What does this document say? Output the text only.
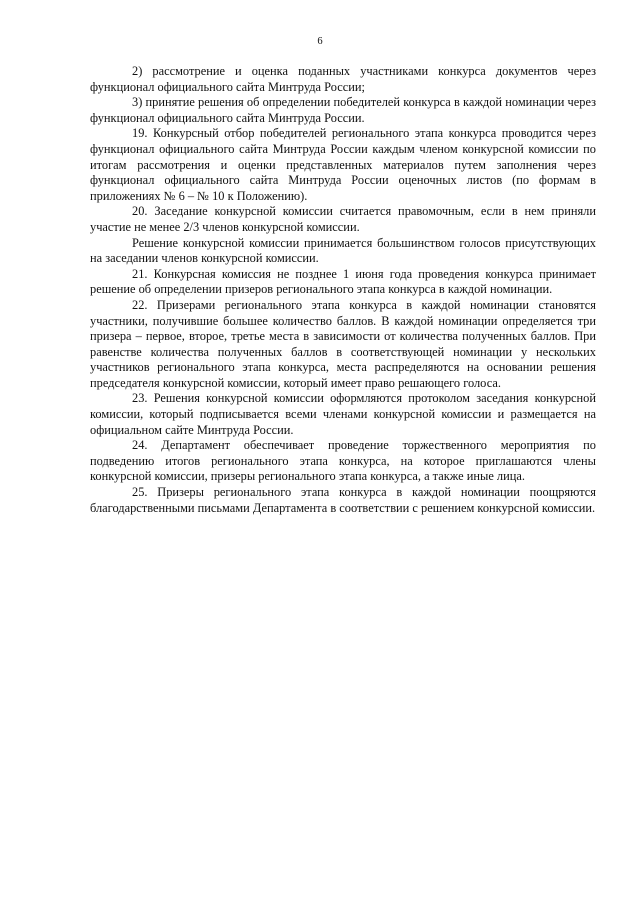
6

2) рассмотрение и оценка поданных участниками конкурса документов через функционал официального сайта Минтруда России;

3) принятие решения об определении победителей конкурса в каждой номинации через функционал официального сайта Минтруда России.

19. Конкурсный отбор победителей регионального этапа конкурса проводится через функционал официального сайта Минтруда России каждым членом конкурсной комиссии по итогам рассмотрения и оценки представленных материалов путем заполнения через функционал официального сайта Минтруда России оценочных листов (по формам в приложениях № 6 – № 10 к Положению).

20. Заседание конкурсной комиссии считается правомочным, если в нем приняли участие не менее 2/3 членов конкурсной комиссии.

Решение конкурсной комиссии принимается большинством голосов присутствующих на заседании членов конкурсной комиссии.

21. Конкурсная комиссия не позднее 1 июня года проведения конкурса принимает решение об определении призеров регионального этапа конкурса в каждой номинации.

22. Призерами регионального этапа конкурса в каждой номинации становятся участники, получившие большее количество баллов. В каждой номинации определяется три призера – первое, второе, третье места в зависимости от количества полученных баллов. При равенстве количества полученных баллов в соответствующей номинации у нескольких участников регионального этапа конкурса, места распределяются на основании решения председателя конкурсной комиссии, который имеет право решающего голоса.

23. Решения конкурсной комиссии оформляются протоколом заседания конкурсной комиссии, который подписывается всеми членами конкурсной комиссии и размещается на официальном сайте Минтруда России.

24. Департамент обеспечивает проведение торжественного мероприятия по подведению итогов регионального этапа конкурса, на которое приглашаются члены конкурсной комиссии, призеры регионального этапа конкурса, а также иные лица.

25. Призеры регионального этапа конкурса в каждой номинации поощряются благодарственными письмами Департамента в соответствии с решением конкурсной комиссии.
